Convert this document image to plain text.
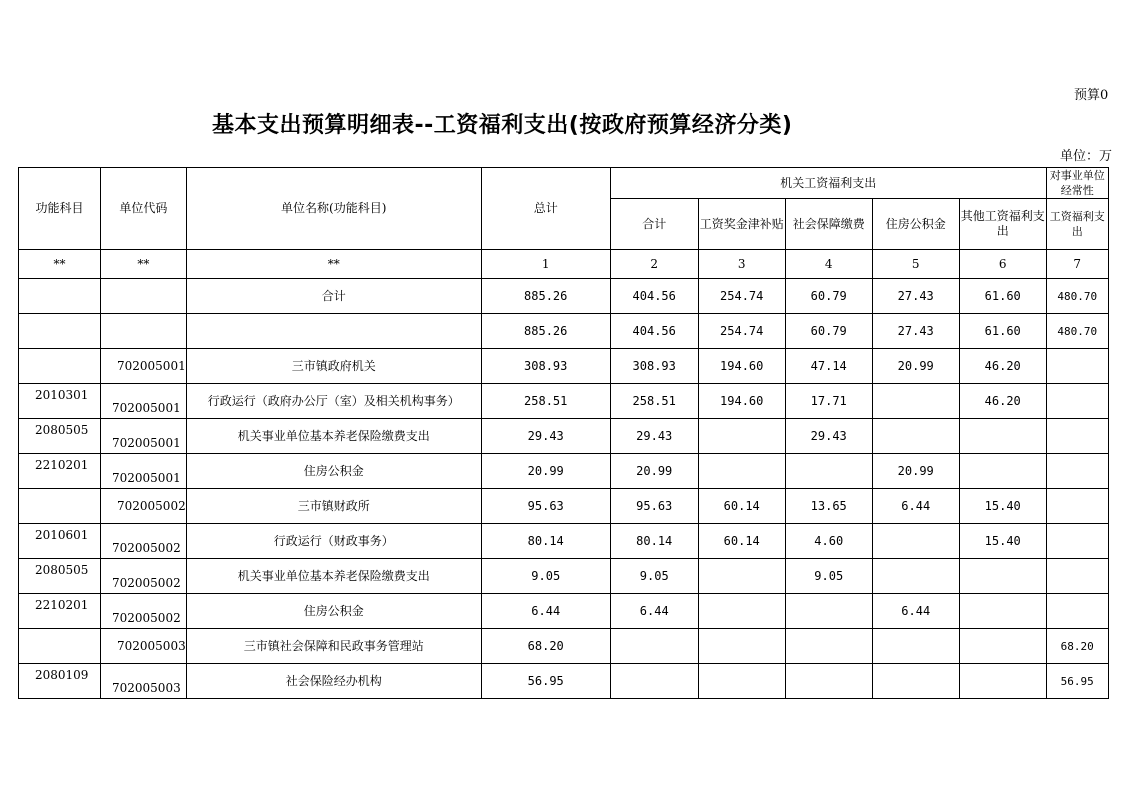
预算0
基本支出预算明细表--工资福利支出(按政府预算经济分类)
单位：万
功能科目	单位代码	单位名称(功能科目)	总计	机关工资福利支出					对事业单位经常性
				合计	工资奖金津补贴	社会保障缴费	住房公积金	其他工资福利支出	工资福利支出
**	**	**	1	2	3	4	5	6	7
		合计	885.26	404.56	254.74	60.79	27.43	61.60	480.70
			885.26	404.56	254.74	60.79	27.43	61.60	480.70
	702005001	三市镇政府机关	308.93	308.93	194.60	47.14	20.99	46.20	
2010301	702005001	行政运行（政府办公厅（室）及相关机构事务）	258.51	258.51	194.60	17.71		46.20	
2080505	702005001	机关事业单位基本养老保险缴费支出	29.43	29.43		29.43			
2210201	702005001	住房公积金	20.99	20.99			20.99		
	702005002	三市镇财政所	95.63	95.63	60.14	13.65	6.44	15.40	
2010601	702005002	行政运行（财政事务）	80.14	80.14	60.14	4.60		15.40	
2080505	702005002	机关事业单位基本养老保险缴费支出	9.05	9.05		9.05			
2210201	702005002	住房公积金	6.44	6.44			6.44		
	702005003	三市镇社会保障和民政事务管理站	68.20						68.20
2080109	702005003	社会保险经办机构	56.95						56.95
